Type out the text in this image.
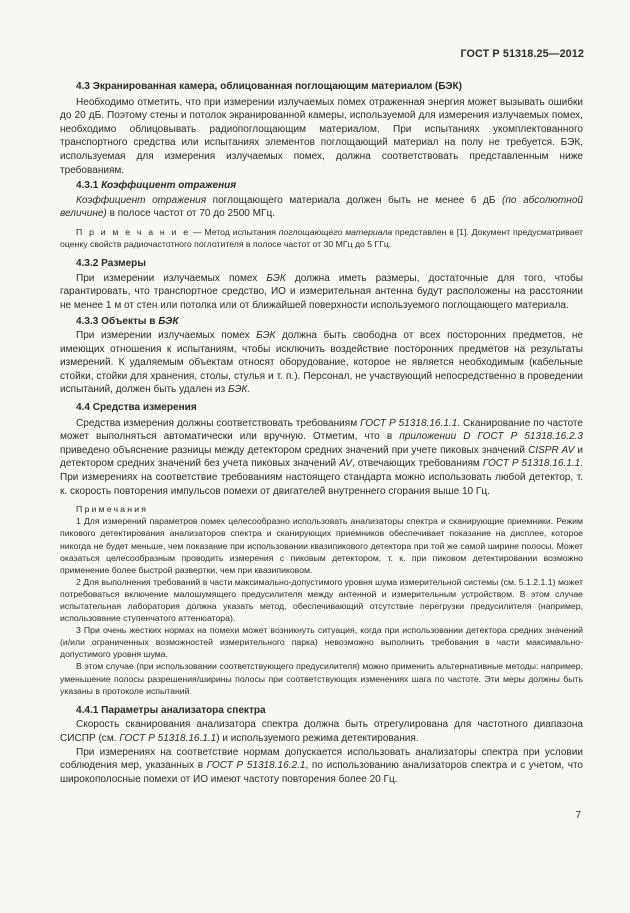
ГОСТ Р 51318.25—2012
4.3 Экранированная камера, облицованная поглощающим материалом (БЭК)

Необходимо отметить, что при измерении излучаемых помех отраженная энергия может вызывать ошибки до 20 дБ. Поэтому стены и потолок экранированной камеры, используемой для измерения излучаемых помех, необходимо облицовывать радиопоглощающим материалом. При испытаниях укомплектованного транспортного средства или испытаниях элементов поглощающий материал на полу не требуется. БЭК, используемая для измерения излучаемых помех, должна соответствовать представленным ниже требованиям.

4.3.1 Коэффициент отражения

Коэффициент отражения поглощающего материала должен быть не менее 6 дБ (по абсолютной величине) в полосе частот от 70 до 2500 МГц.

П р и м е ч а н и е — Метод испытания поглощающего материала представлен в [1]. Документ предусматривает оценку свойств радиочастотного поглотителя в полосе частот от 30 МГц до 5 ГГц.

4.3.2 Размеры

При измерении излучаемых помех БЭК должна иметь размеры, достаточные для того, чтобы гарантировать, что транспортное средство, ИО и измерительная антенна будут расположены на расстоянии не менее 1 м от стен или потолка или от ближайшей поверхности используемого поглощающего материала.

4.3.3 Объекты в БЭК

При измерении излучаемых помех БЭК должна быть свободна от всех посторонних предметов, не имеющих отношения к испытаниям, чтобы исключить воздействие посторонних предметов на результаты измерений. К удаляемым объектам относят оборудование, которое не является необходимым (кабельные стойки, стойки для хранения, столы, стулья и т. п.). Персонал, не участвующий непосредственно в проведении испытаний, должен быть удален из БЭК.

4.4 Средства измерения

Средства измерения должны соответствовать требованиям ГОСТ Р 51318.16.1.1. Сканирование по частоте может выполняться автоматически или вручную. Отметим, что в приложении D ГОСТ Р 51318.16.2.3 приведено объяснение разницы между детектором средних значений при учете пиковых значений CISPR AV и детектором средних значений без учета пиковых значений AV, отвечающих требованиям ГОСТ Р 51318.16.1.1. При измерениях на соответствие требованиям настоящего стандарта можно использовать любой детектор, т. к. скорость повторения импульсов помехи от двигателей внутреннего сгорания выше 10 Гц.

Примечания

1 Для измерений параметров помех целесообразно использовать анализаторы спектра и сканирующие приемники. Режим пикового детектирования анализаторов спектра и сканирующих приемников обеспечивает показание на дисплее, которое никогда не будет меньше, чем показание при использовании квазипикового детектора при той же самой ширине полосы. Может оказаться целесообразным проводить измерения с пиковым детектором, т. к. при пиковом детектировании возможно применение более быстрой развертки, чем при квазипиковом.

2 Для выполнения требований в части максимально-допустимого уровня шума измерительной системы (см. 5.1.2.1.1) может потребоваться включение малошумящего предусилителя между антенной и измерительным устройством. В этом случае испытательная лаборатория должна указать метод, обеспечивающий отсутствие перегрузки предусилителя (например, использование ступенчатого аттенюатора).

3 При очень жестких нормах на помехи может возникнуть ситуация, когда при использовании детектора средних значений (и/или ограниченных возможностей измерительного парка) невозможно выполнить требования в части максимально-допустимого уровня шума.

В этом случае (при использовании соответствующего предусилителя) можно применить альтернативные методы: например, уменьшение полосы разрешения/ширины полосы при соответствующих изменениях шага по частоте. Эти меры должны быть указаны в протоколе испытаний.

4.4.1 Параметры анализатора спектра

Скорость сканирования анализатора спектра должна быть отрегулирована для частотного диапазона СИСПР (см. ГОСТ Р 51318.16.1.1) и используемого режима детектирования.

При измерениях на соответствие нормам допускается использовать анализаторы спектра при условии соблюдения мер, указанных в ГОСТ Р 51318.16.2.1, по использованию анализаторов спектра и с учетом, что широкополосные помехи от ИО имеют частоту повторения более 20 Гц.

7
